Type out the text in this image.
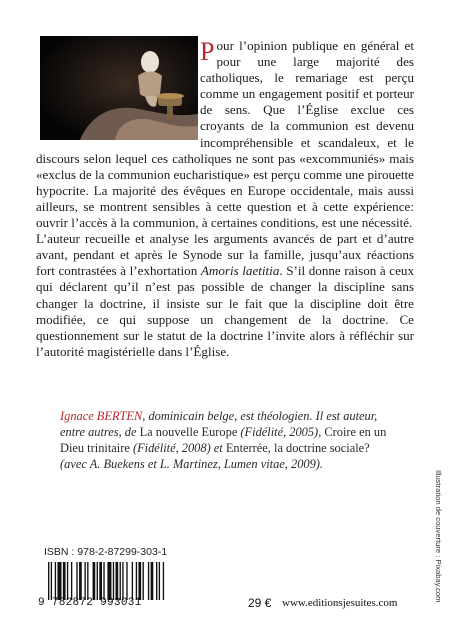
Pour l’opinion publique en général et pour une large majorité des catholiques, le remariage est perçu comme un engagement positif et porteur de sens. Que l’Église exclue ces croyants de la communion est devenu incompréhensible et scandaleux, et le discours selon lequel ces catholiques ne sont pas «excommuniés» mais «exclus de la communion eucharistique» est perçu comme une pirouette hypocrite. La majorité des évêques en Europe occidentale, mais aussi ailleurs, se montrent sensibles à cette question et à cette expérience: ouvrir l’accès à la communion, à certaines conditions, est une nécessité.

L’auteur recueille et analyse les arguments avancés de part et d’autre avant, pendant et après le Synode sur la famille, jusqu’aux réactions fort contrastées à l’exhortation Amoris laetitia. S’il donne raison à ceux qui déclarent qu’il n’est pas possible de changer la discipline sans changer la doctrine, il insiste sur le fait que la discipline doit être modifiée, ce qui suppose un changement de la doctrine. Ce questionnement sur le statut de la doctrine l’invite alors à réfléchir sur l’autorité magistérielle dans l’Église.

Ignace BERTEN, dominicain belge, est théologien. Il est auteur, entre autres, de La nouvelle Europe (Fidélité, 2005), Croire en un Dieu trinitaire (Fidélité, 2008) et Enterrée, la doctrine sociale? (avec A. Buekens et L. Martinez, Lumen vitae, 2009).
Illustration de couverture : Pixabay.com
ISBN : 978-2-87299-303-1
9 782872 993031	29 € www.editionsjesuites.com
